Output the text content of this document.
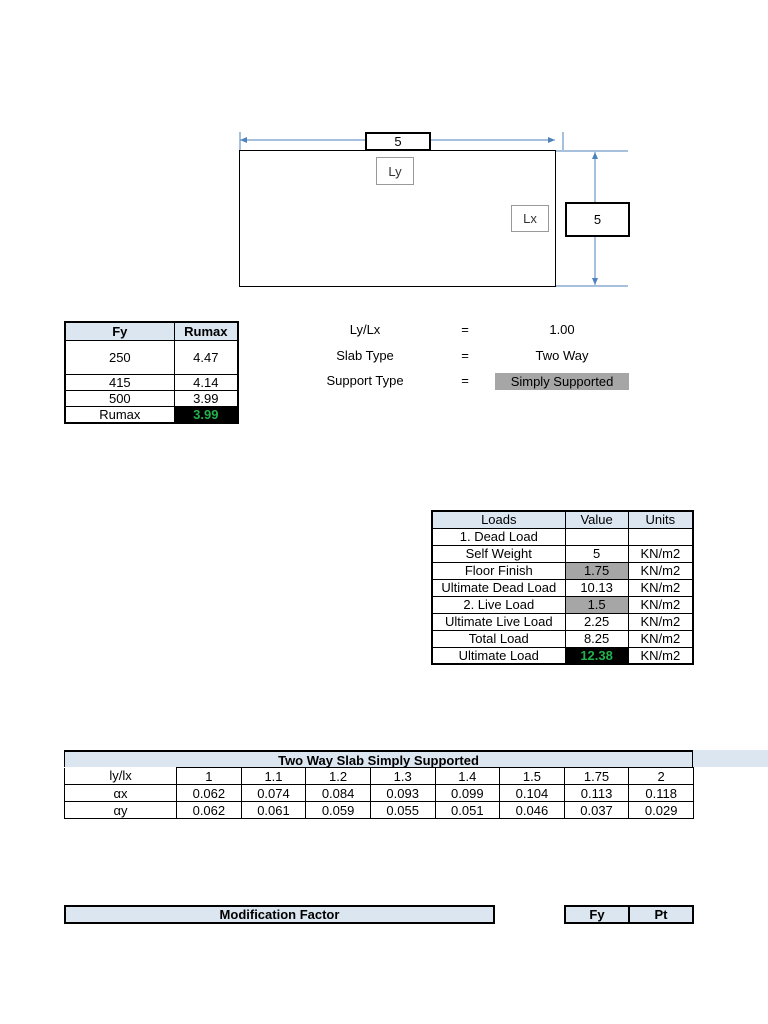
5
Ly
Lx	5
Fy	Rumax
250	4.47
415	4.14
500	3.99
Rumax	3.99
Ly/Lx	=	1.00
Slab Type	=	Two Way
Support Type	=	Simply Supported
Loads	Value	Units
1. Dead Load		
Self Weight	5	KN/m2
Floor Finish	1.75	KN/m2
Ultimate Dead Load	10.13	KN/m2
2. Live Load	1.5	KN/m2
Ultimate Live Load	2.25	KN/m2
Total Load	8.25	KN/m2
Ultimate Load	12.38	KN/m2
Two Way Slab Simply Supported
ly/lx	1	1.1	1.2	1.3	1.4	1.5	1.75	2
αx	0.062	0.074	0.084	0.093	0.099	0.104	0.113	0.118
αy	0.062	0.061	0.059	0.055	0.051	0.046	0.037	0.029
Modification Factor	Fy	Pt
